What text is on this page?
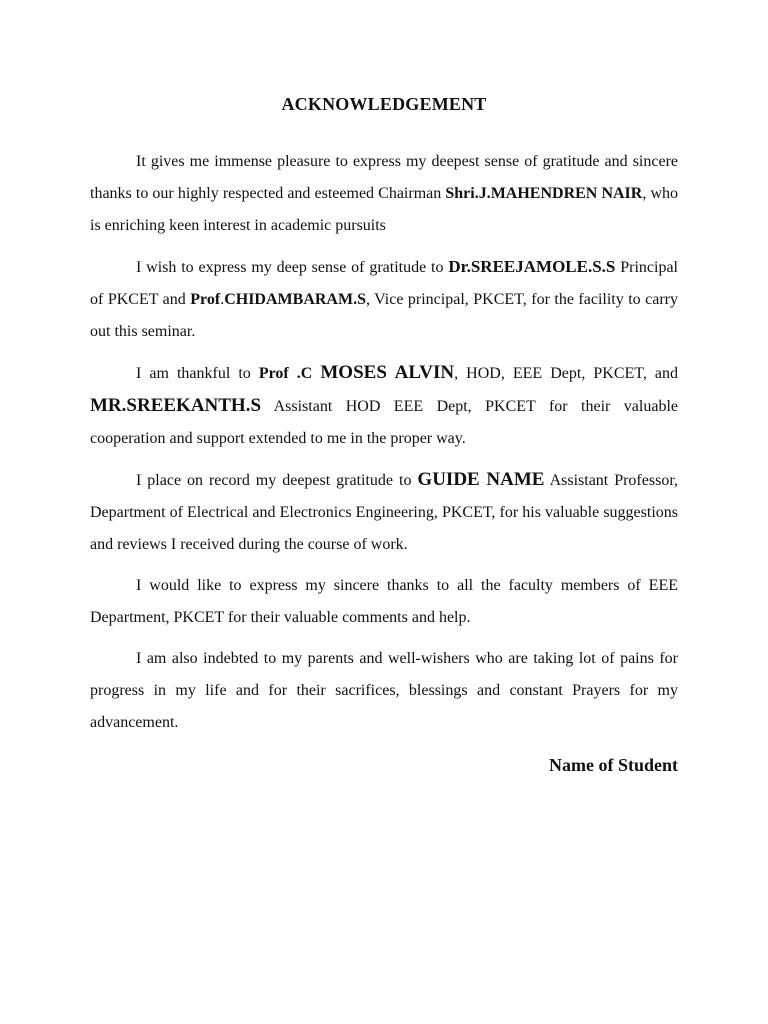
ACKNOWLEDGEMENT

It gives me immense pleasure to express my deepest sense of gratitude and sincere thanks to our highly respected and esteemed Chairman Shri.J.MAHENDREN NAIR, who is enriching keen interest in academic pursuits

I wish to express my deep sense of gratitude to Dr.SREEJAMOLE.S.S Principal of PKCET and Prof.CHIDAMBARAM.S, Vice principal, PKCET, for the facility to carry out this seminar.

I am thankful to Prof .C MOSES ALVIN, HOD, EEE Dept, PKCET, and MR.SREEKANTH.S Assistant HOD EEE Dept, PKCET for their valuable cooperation and support extended to me in the proper way.

I place on record my deepest gratitude to GUIDE NAME Assistant Professor, Department of Electrical and Electronics Engineering, PKCET, for his valuable suggestions and reviews I received during the course of work.

I would like to express my sincere thanks to all the faculty members of EEE Department, PKCET for their valuable comments and help.

I am also indebted to my parents and well-wishers who are taking lot of pains for progress in my life and for their sacrifices, blessings and constant Prayers for my advancement.

Name of Student
